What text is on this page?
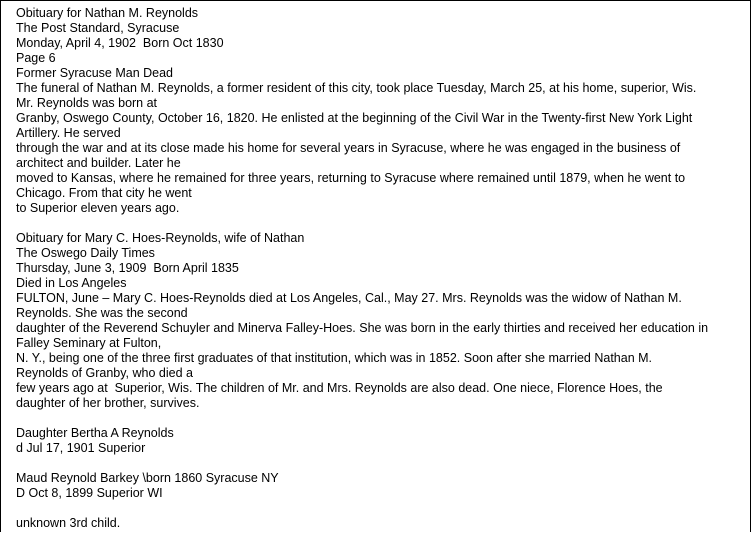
Obituary for Nathan M. Reynolds
The Post Standard, Syracuse
Monday, April 4, 1902  Born Oct 1830
Page 6
Former Syracuse Man Dead
The funeral of Nathan M. Reynolds, a former resident of this city, took place Tuesday, March 25, at his home, superior, Wis.
Mr. Reynolds was born at
Granby, Oswego County, October 16, 1820. He enlisted at the beginning of the Civil War in the Twenty-first New York Light
Artillery. He served
through the war and at its close made his home for several years in Syracuse, where he was engaged in the business of
architect and builder. Later he
moved to Kansas, where he remained for three years, returning to Syracuse where remained until 1879, when he went to
Chicago. From that city he went
to Superior eleven years ago.
Obituary for Mary C. Hoes-Reynolds, wife of Nathan
The Oswego Daily Times
Thursday, June 3, 1909  Born April 1835
Died in Los Angeles
FULTON, June – Mary C. Hoes-Reynolds died at Los Angeles, Cal., May 27. Mrs. Reynolds was the widow of Nathan M.
Reynolds. She was the second
daughter of the Reverend Schuyler and Minerva Falley-Hoes. She was born in the early thirties and received her education in
Falley Seminary at Fulton,
N. Y., being one of the three first graduates of that institution, which was in 1852. Soon after she married Nathan M.
Reynolds of Granby, who died a
few years ago at  Superior, Wis. The children of Mr. and Mrs. Reynolds are also dead. One niece, Florence Hoes, the
daughter of her brother, survives.
Daughter Bertha A Reynolds
d Jul 17, 1901 Superior
Maud Reynold Barkey \born 1860 Syracuse NY
D Oct 8, 1899 Superior WI
unknown 3rd child.
